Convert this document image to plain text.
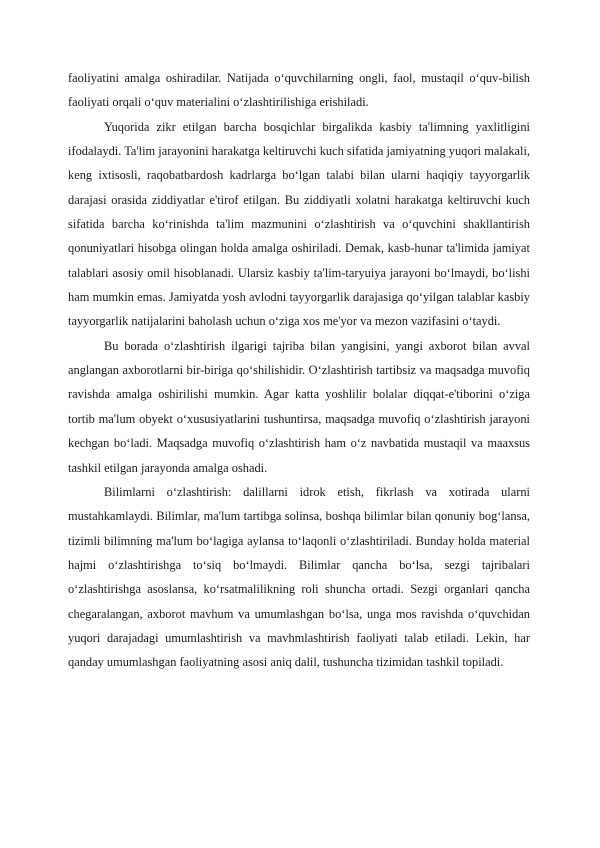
faoliyatini amalga oshiradilar. Natijada o‘quvchilarning ongli, faol, mustaqil o‘quv-bilish faoliyati orqali o‘quv materialini o‘zlashtirilishiga erishiladi.

Yuqorida zikr etilgan barcha bosqichlar birgalikda kasbiy ta'limning yaxlitligini ifodalaydi. Ta'lim jarayonini harakatga keltiruvchi kuch sifatida jamiyatning yuqori malakali, keng ixtisosli, raqobatbardosh kadrlarga bo‘lgan talabi bilan ularni haqiqiy tayyorgarlik darajasi orasida ziddiyatlar e'tirof etilgan. Bu ziddiyatli xolatni harakatga keltiruvchi kuch sifatida barcha ko‘rinishda ta'lim mazmunini o‘zlashtirish va o‘quvchini shakllantirish qonuniyatlari hisobga olingan holda amalga oshiriladi. Demak, kasb-hunar ta'limida jamiyat talablari asosiy omil hisoblanadi. Ularsiz kasbiy ta'lim-taryuiya jarayoni bo‘lmaydi, bo‘lishi ham mumkin emas. Jamiyatda yosh avlodni tayyorgarlik darajasiga qo‘yilgan talablar kasbiy tayyorgarlik natijalarini baholash uchun o‘ziga xos me'yor va mezon vazifasini o‘taydi.

Bu borada o‘zlashtirish ilgarigi tajriba bilan yangisini, yangi axborot bilan avval anglangan axborotlarni bir-biriga qo‘shilishidir. O‘zlashtirish tartibsiz va maqsadga muvofiq ravishda amalga oshirilishi mumkin. Agar katta yoshlilir bolalar diqqat-e'tiborini o‘ziga tortib ma'lum obyekt o‘xususiyatlarini tushuntirsa, maqsadga muvofiq o‘zlashtirish jarayoni kechgan bo‘ladi. Maqsadga muvofiq o‘zlashtirish ham o‘z navbatida mustaqil va maaxsus tashkil etilgan jarayonda amalga oshadi.

Bilimlarni o‘zlashtirish: dalillarni idrok etish, fikrlash va xotirada ularni mustahkamlaydi. Bilimlar, ma'lum tartibga solinsa, boshqa bilimlar bilan qonuniy bog‘lansa, tizimli bilimning ma'lum bo‘lagiga aylansa to‘laqonli o‘zlashtiriladi. Bunday holda material hajmi o‘zlashtirishga to‘siq bo‘lmaydi. Bilimlar qancha bo‘lsa, sezgi tajribalari o‘zlashtirishga asoslansa, ko‘rsatmalilikning roli shuncha ortadi. Sezgi organlari qancha chegaralangan, axborot mavhum va umumlashgan bo‘lsa, unga mos ravishda o‘quvchidan yuqori darajadagi umumlashtirish va mavhmlashtirish faoliyati talab etiladi. Lekin, har qanday umumlashgan faoliyatning asosi aniq dalil, tushuncha tizimidan tashkil topiladi.
